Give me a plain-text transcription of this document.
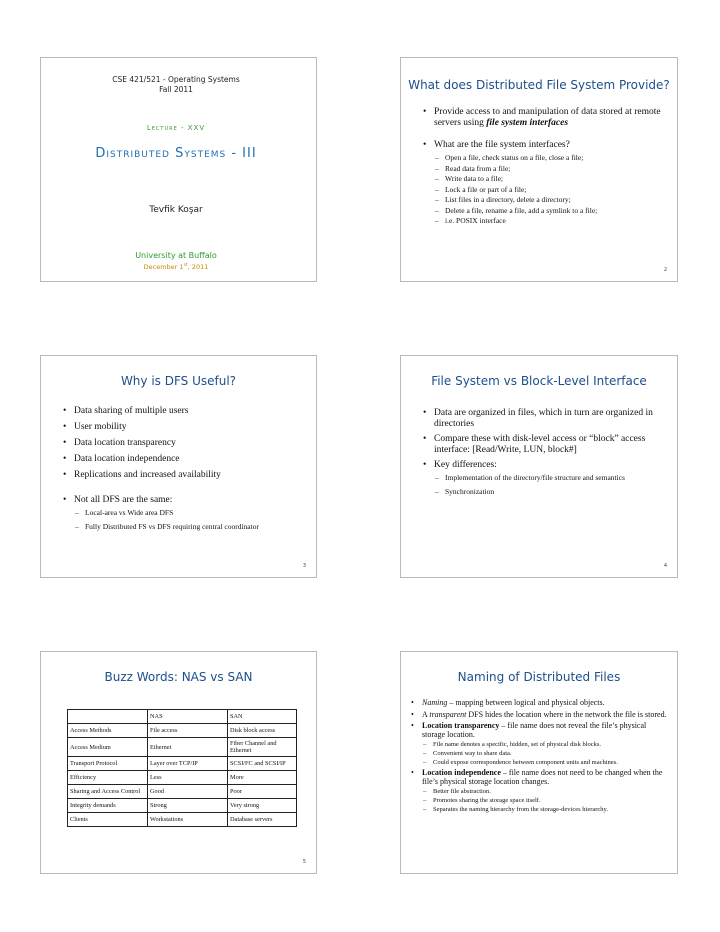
CSE 421/521 - Operating Systems
Fall 2011
Lecture - XXV
Distributed Systems - III
Tevfik Koşar
University at Buffalo
December 1st, 2011
What does Distributed File System Provide?
• Provide access to and manipulation of data stored at remote servers using file system interfaces
• What are the file system interfaces?
– Open a file, check status on a file, close a file;
– Read data from a file;
– Write data to a file;
– Lock a file or part of a file;
– List files in a directory, delete a directory;
– Delete a file, rename a file, add a symlink to a file;
– i.e. POSIX interface
2
Why is DFS Useful?
• Data sharing of multiple users
• User mobility
• Data location transparency
• Data location independence
• Replications and increased availability
• Not all DFS are the same:
– Local-area vs Wide area DFS
– Fully Distributed FS vs DFS requiring central coordinator
3
File System vs Block-Level Interface
• Data are organized in files, which in turn are organized in directories
• Compare these with disk-level access or “block” access interface: [Read/Write, LUN, block#]
• Key differences:
– Implementation of the directory/file structure and semantics
– Synchronization
4
Buzz Words: NAS vs SAN
	NAS	SAN
Access Methods	File access	Disk block access
Access Medium	Ethernet	Fiber Channel and Ethernet
Transport Protocol	Layer over TCP/IP	SCSI/FC and SCSI/IP
Efficiency	Less	More
Sharing and Access Control	Good	Poor
Integrity demands	Strong	Very strong
Clients	Workstations	Database servers
5
Naming of Distributed Files
• Naming – mapping between logical and physical objects.
• A transparent DFS hides the location where in the network the file is stored.
• Location transparency – file name does not reveal the file’s physical storage location.
– File name denotes a specific, hidden, set of physical disk blocks.
– Convenient way to share data.
– Could expose correspondence between component units and machines.
• Location independence – file name does not need to be changed when the file’s physical storage location changes.
– Better file abstraction.
– Promotes sharing the storage space itself.
– Separates the naming hierarchy from the storage-devices hierarchy.
